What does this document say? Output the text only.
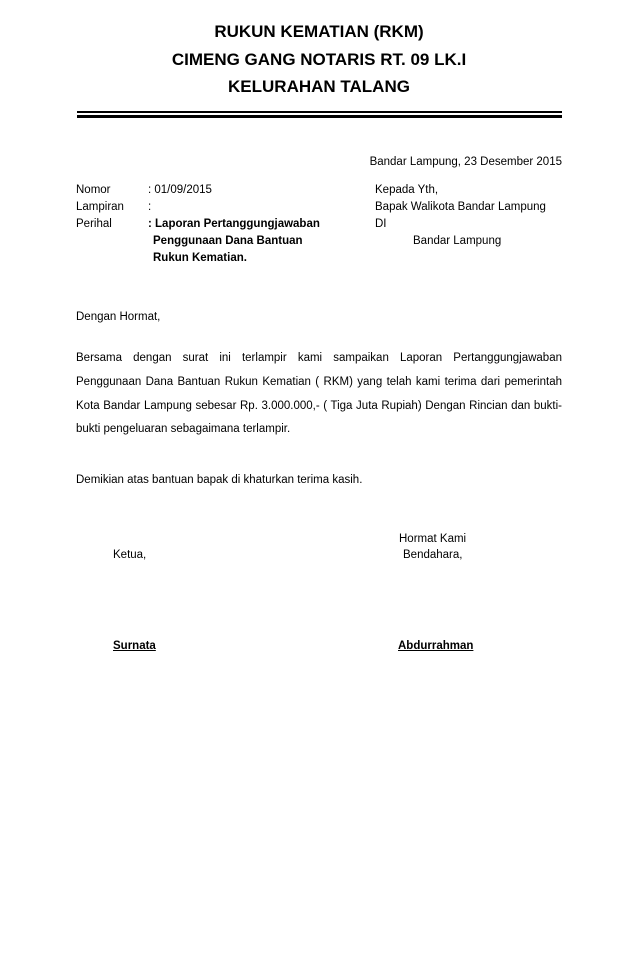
RUKUN KEMATIAN (RKM)
CIMENG GANG NOTARIS RT. 09 LK.I
KELURAHAN TALANG
Bandar Lampung, 23 Desember 2015
Nomor	: 01/09/2015
Lampiran :
Perihal	: Laporan Pertanggungjawaban
Penggunaan Dana Bantuan
Rukun Kematian.
Kepada Yth,
Bapak Walikota Bandar Lampung
DI
Bandar Lampung
Dengan Hormat,
Bersama dengan surat ini terlampir kami sampaikan Laporan Pertanggungjawaban Penggunaan Dana Bantuan Rukun Kematian ( RKM) yang telah kami terima dari pemerintah Kota Bandar Lampung sebesar Rp. 3.000.000,- ( Tiga Juta Rupiah) Dengan Rincian dan bukti-bukti pengeluaran sebagaimana terlampir.
Demikian atas bantuan bapak di khaturkan terima kasih.
Hormat Kami
Ketua,	Bendahara,
Surnata	Abdurrahman
